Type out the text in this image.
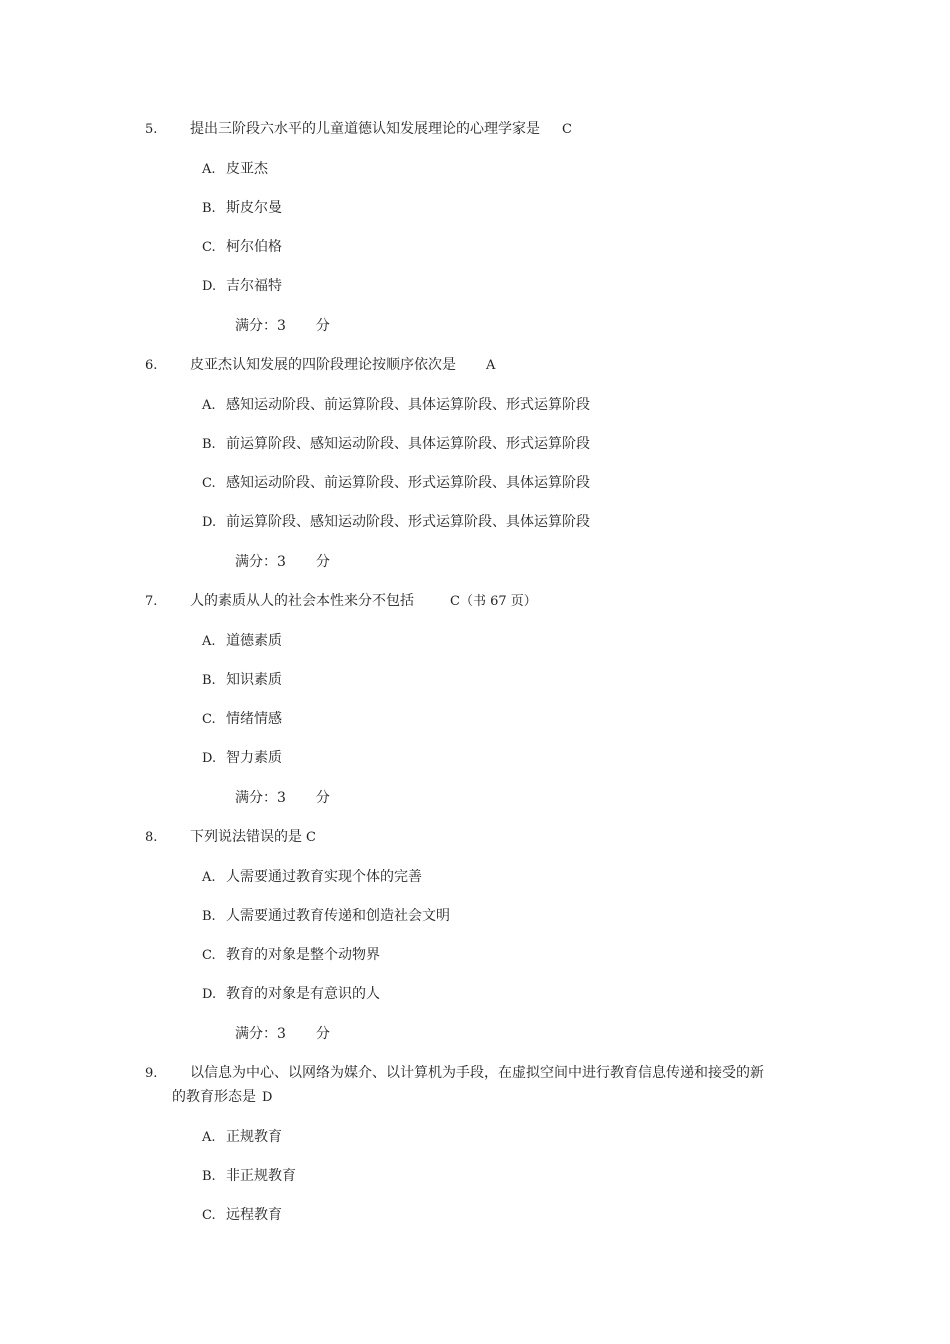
5. 提出三阶段六水平的儿童道德认知发展理论的心理学家是 C
A. 皮亚杰
B. 斯皮尔曼
C. 柯尔伯格
D. 吉尔福特
满分：3 分
6. 皮亚杰认知发展的四阶段理论按顺序依次是 A
A. 感知运动阶段、前运算阶段、具体运算阶段、形式运算阶段
B. 前运算阶段、感知运动阶段、具体运算阶段、形式运算阶段
C. 感知运动阶段、前运算阶段、形式运算阶段、具体运算阶段
D. 前运算阶段、感知运动阶段、形式运算阶段、具体运算阶段
满分：3 分
7. 人的素质从人的社会本性来分不包括	C（书 67 页）
A. 道德素质
B. 知识素质
C. 情绪情感
D. 智力素质
满分：3 分
8. 下列说法错误的是 C
A. 人需要通过教育实现个体的完善
B. 人需要通过教育传递和创造社会文明
C. 教育的对象是整个动物界
D. 教育的对象是有意识的人
满分：3 分
9. 以信息为中心、以网络为媒介、以计算机为手段，在虚拟空间中进行教育信息传递和接受的新
的教育形态是 D
A. 正规教育
B. 非正规教育
C. 远程教育
